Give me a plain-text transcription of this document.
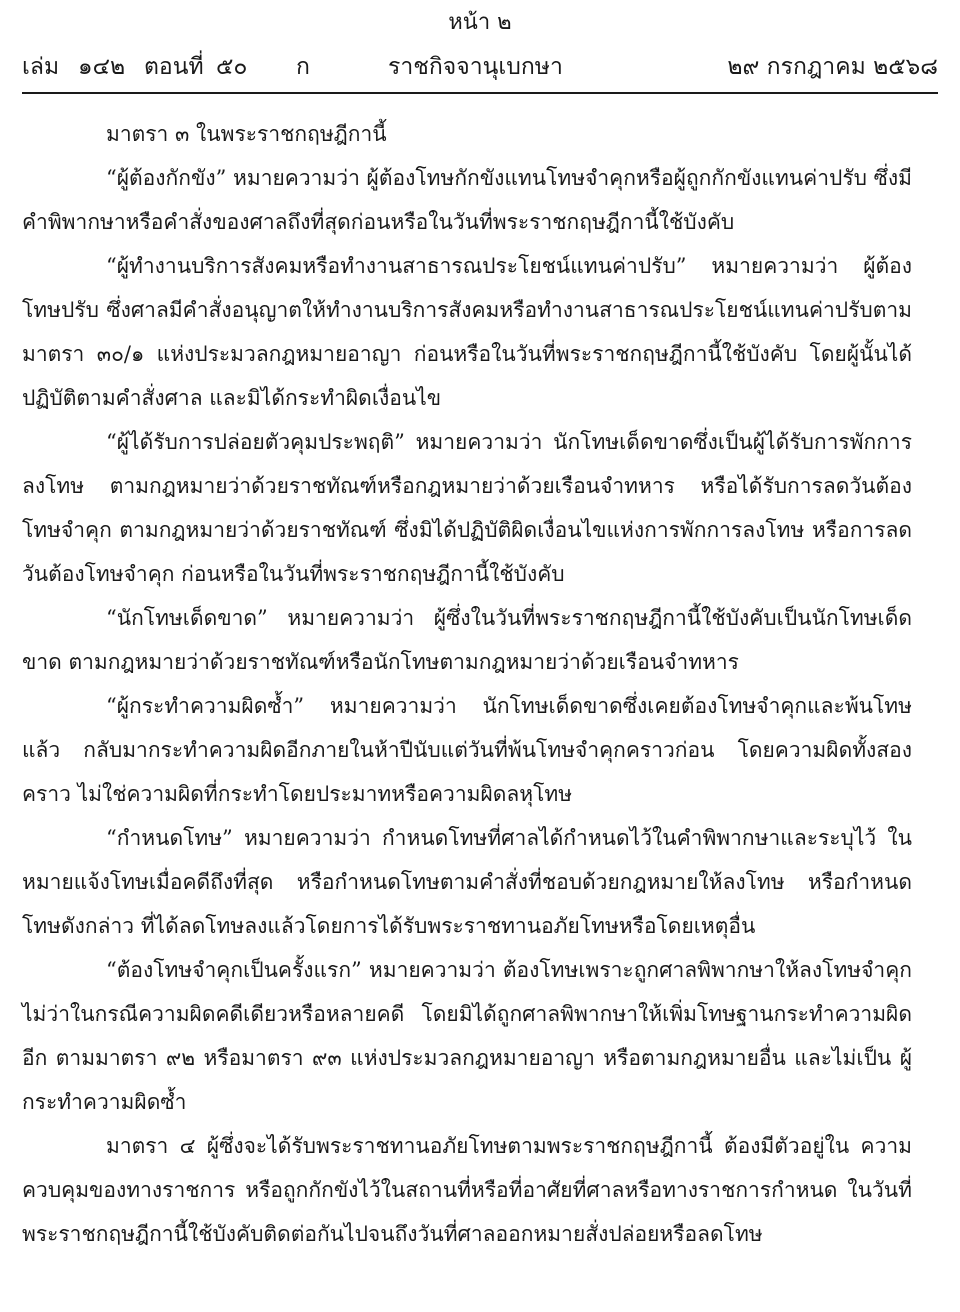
หน้า ๒
เล่ม ๑๔๒ ตอนที่ ๕๐ ก	ราชกิจจานุเบกษา	๒๙ กรกฎาคม ๒๕๖๘

มาตรา ๓ ในพระราชกฤษฎีกานี้

“ผู้ต้องกักขัง” หมายความว่า ผู้ต้องโทษกักขังแทนโทษจำคุกหรือผู้ถูกกักขังแทนค่าปรับ ซึ่งมีคำพิพากษาหรือคำสั่งของศาลถึงที่สุดก่อนหรือในวันที่พระราชกฤษฎีกานี้ใช้บังคับ

“ผู้ทำงานบริการสังคมหรือทำงานสาธารณประโยชน์แทนค่าปรับ” หมายความว่า ผู้ต้องโทษปรับ ซึ่งศาลมีคำสั่งอนุญาตให้ทำงานบริการสังคมหรือทำงานสาธารณประโยชน์แทนค่าปรับตามมาตรา ๓๐/๑ แห่งประมวลกฎหมายอาญา ก่อนหรือในวันที่พระราชกฤษฎีกานี้ใช้บังคับ โดยผู้นั้นได้ปฏิบัติตามคำสั่งศาล และมิได้กระทำผิดเงื่อนไข

“ผู้ได้รับการปล่อยตัวคุมประพฤติ” หมายความว่า นักโทษเด็ดขาดซึ่งเป็นผู้ได้รับการพักการลงโทษ ตามกฎหมายว่าด้วยราชทัณฑ์หรือกฎหมายว่าด้วยเรือนจำทหาร หรือได้รับการลดวันต้องโทษจำคุก ตามกฎหมายว่าด้วยราชทัณฑ์ ซึ่งมิได้ปฏิบัติผิดเงื่อนไขแห่งการพักการลงโทษ หรือการลดวันต้องโทษจำคุก ก่อนหรือในวันที่พระราชกฤษฎีกานี้ใช้บังคับ

“นักโทษเด็ดขาด” หมายความว่า ผู้ซึ่งในวันที่พระราชกฤษฎีกานี้ใช้บังคับเป็นนักโทษเด็ดขาด ตามกฎหมายว่าด้วยราชทัณฑ์หรือนักโทษตามกฎหมายว่าด้วยเรือนจำทหาร

“ผู้กระทำความผิดซ้ำ” หมายความว่า นักโทษเด็ดขาดซึ่งเคยต้องโทษจำคุกและพ้นโทษแล้ว กลับมากระทำความผิดอีกภายในห้าปีนับแต่วันที่พ้นโทษจำคุกคราวก่อน โดยความผิดทั้งสองคราว ไม่ใช่ความผิดที่กระทำโดยประมาทหรือความผิดลหุโทษ

“กำหนดโทษ” หมายความว่า กำหนดโทษที่ศาลได้กำหนดไว้ในคำพิพากษาและระบุไว้ ในหมายแจ้งโทษเมื่อคดีถึงที่สุด หรือกำหนดโทษตามคำสั่งที่ชอบด้วยกฎหมายให้ลงโทษ หรือกำหนดโทษดังกล่าว ที่ได้ลดโทษลงแล้วโดยการได้รับพระราชทานอภัยโทษหรือโดยเหตุอื่น

“ต้องโทษจำคุกเป็นครั้งแรก” หมายความว่า ต้องโทษเพราะถูกศาลพิพากษาให้ลงโทษจำคุก ไม่ว่าในกรณีความผิดคดีเดียวหรือหลายคดี โดยมิได้ถูกศาลพิพากษาให้เพิ่มโทษฐานกระทำความผิดอีก ตามมาตรา ๙๒ หรือมาตรา ๙๓ แห่งประมวลกฎหมายอาญา หรือตามกฎหมายอื่น และไม่เป็น ผู้กระทำความผิดซ้ำ

มาตรา ๔ ผู้ซึ่งจะได้รับพระราชทานอภัยโทษตามพระราชกฤษฎีกานี้ ต้องมีตัวอยู่ใน ความควบคุมของทางราชการ หรือถูกกักขังไว้ในสถานที่หรือที่อาศัยที่ศาลหรือทางราชการกำหนด ในวันที่พระราชกฤษฎีกานี้ใช้บังคับติดต่อกันไปจนถึงวันที่ศาลออกหมายสั่งปล่อยหรือลดโทษ
